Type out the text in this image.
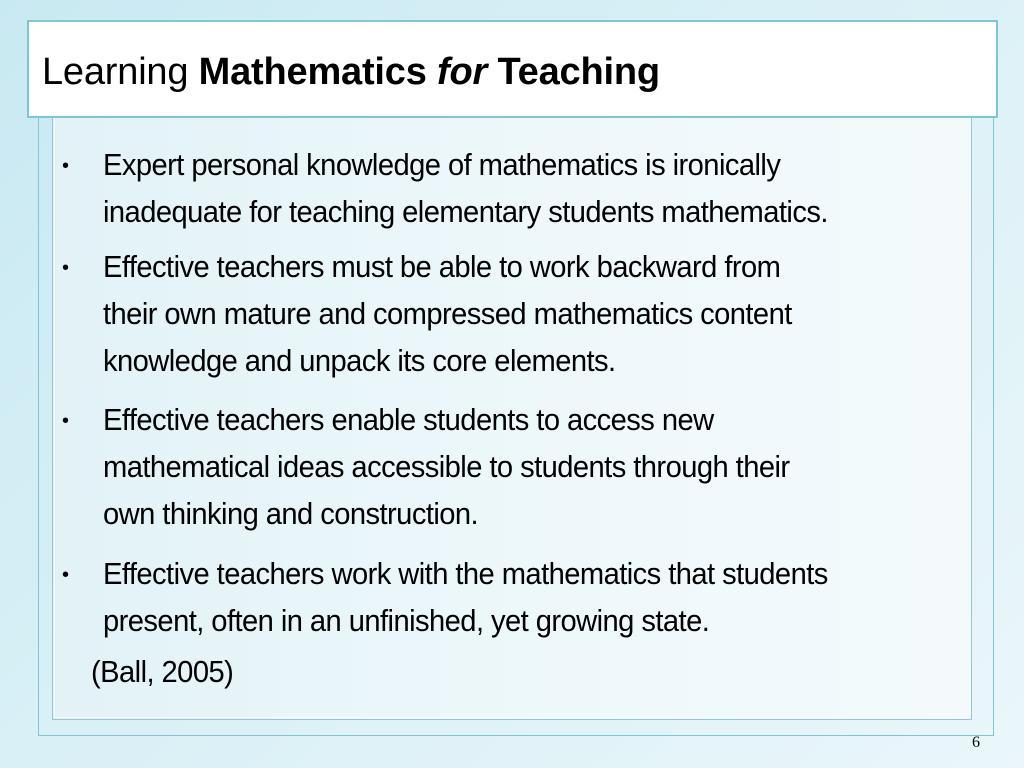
• Expert personal knowledge of mathematics is ironically
inadequate for teaching elementary students mathematics.
• Effective teachers must be able to work backward from
their own mature and compressed mathematics content
knowledge and unpack its core elements.
• Effective teachers enable students to access new
mathematical ideas accessible to students through their
own thinking and construction.
• Effective teachers work with the mathematics that students
present, often in an unfinished, yet growing state.
(Ball, 2005)
Learning Mathematics for Teaching
6
